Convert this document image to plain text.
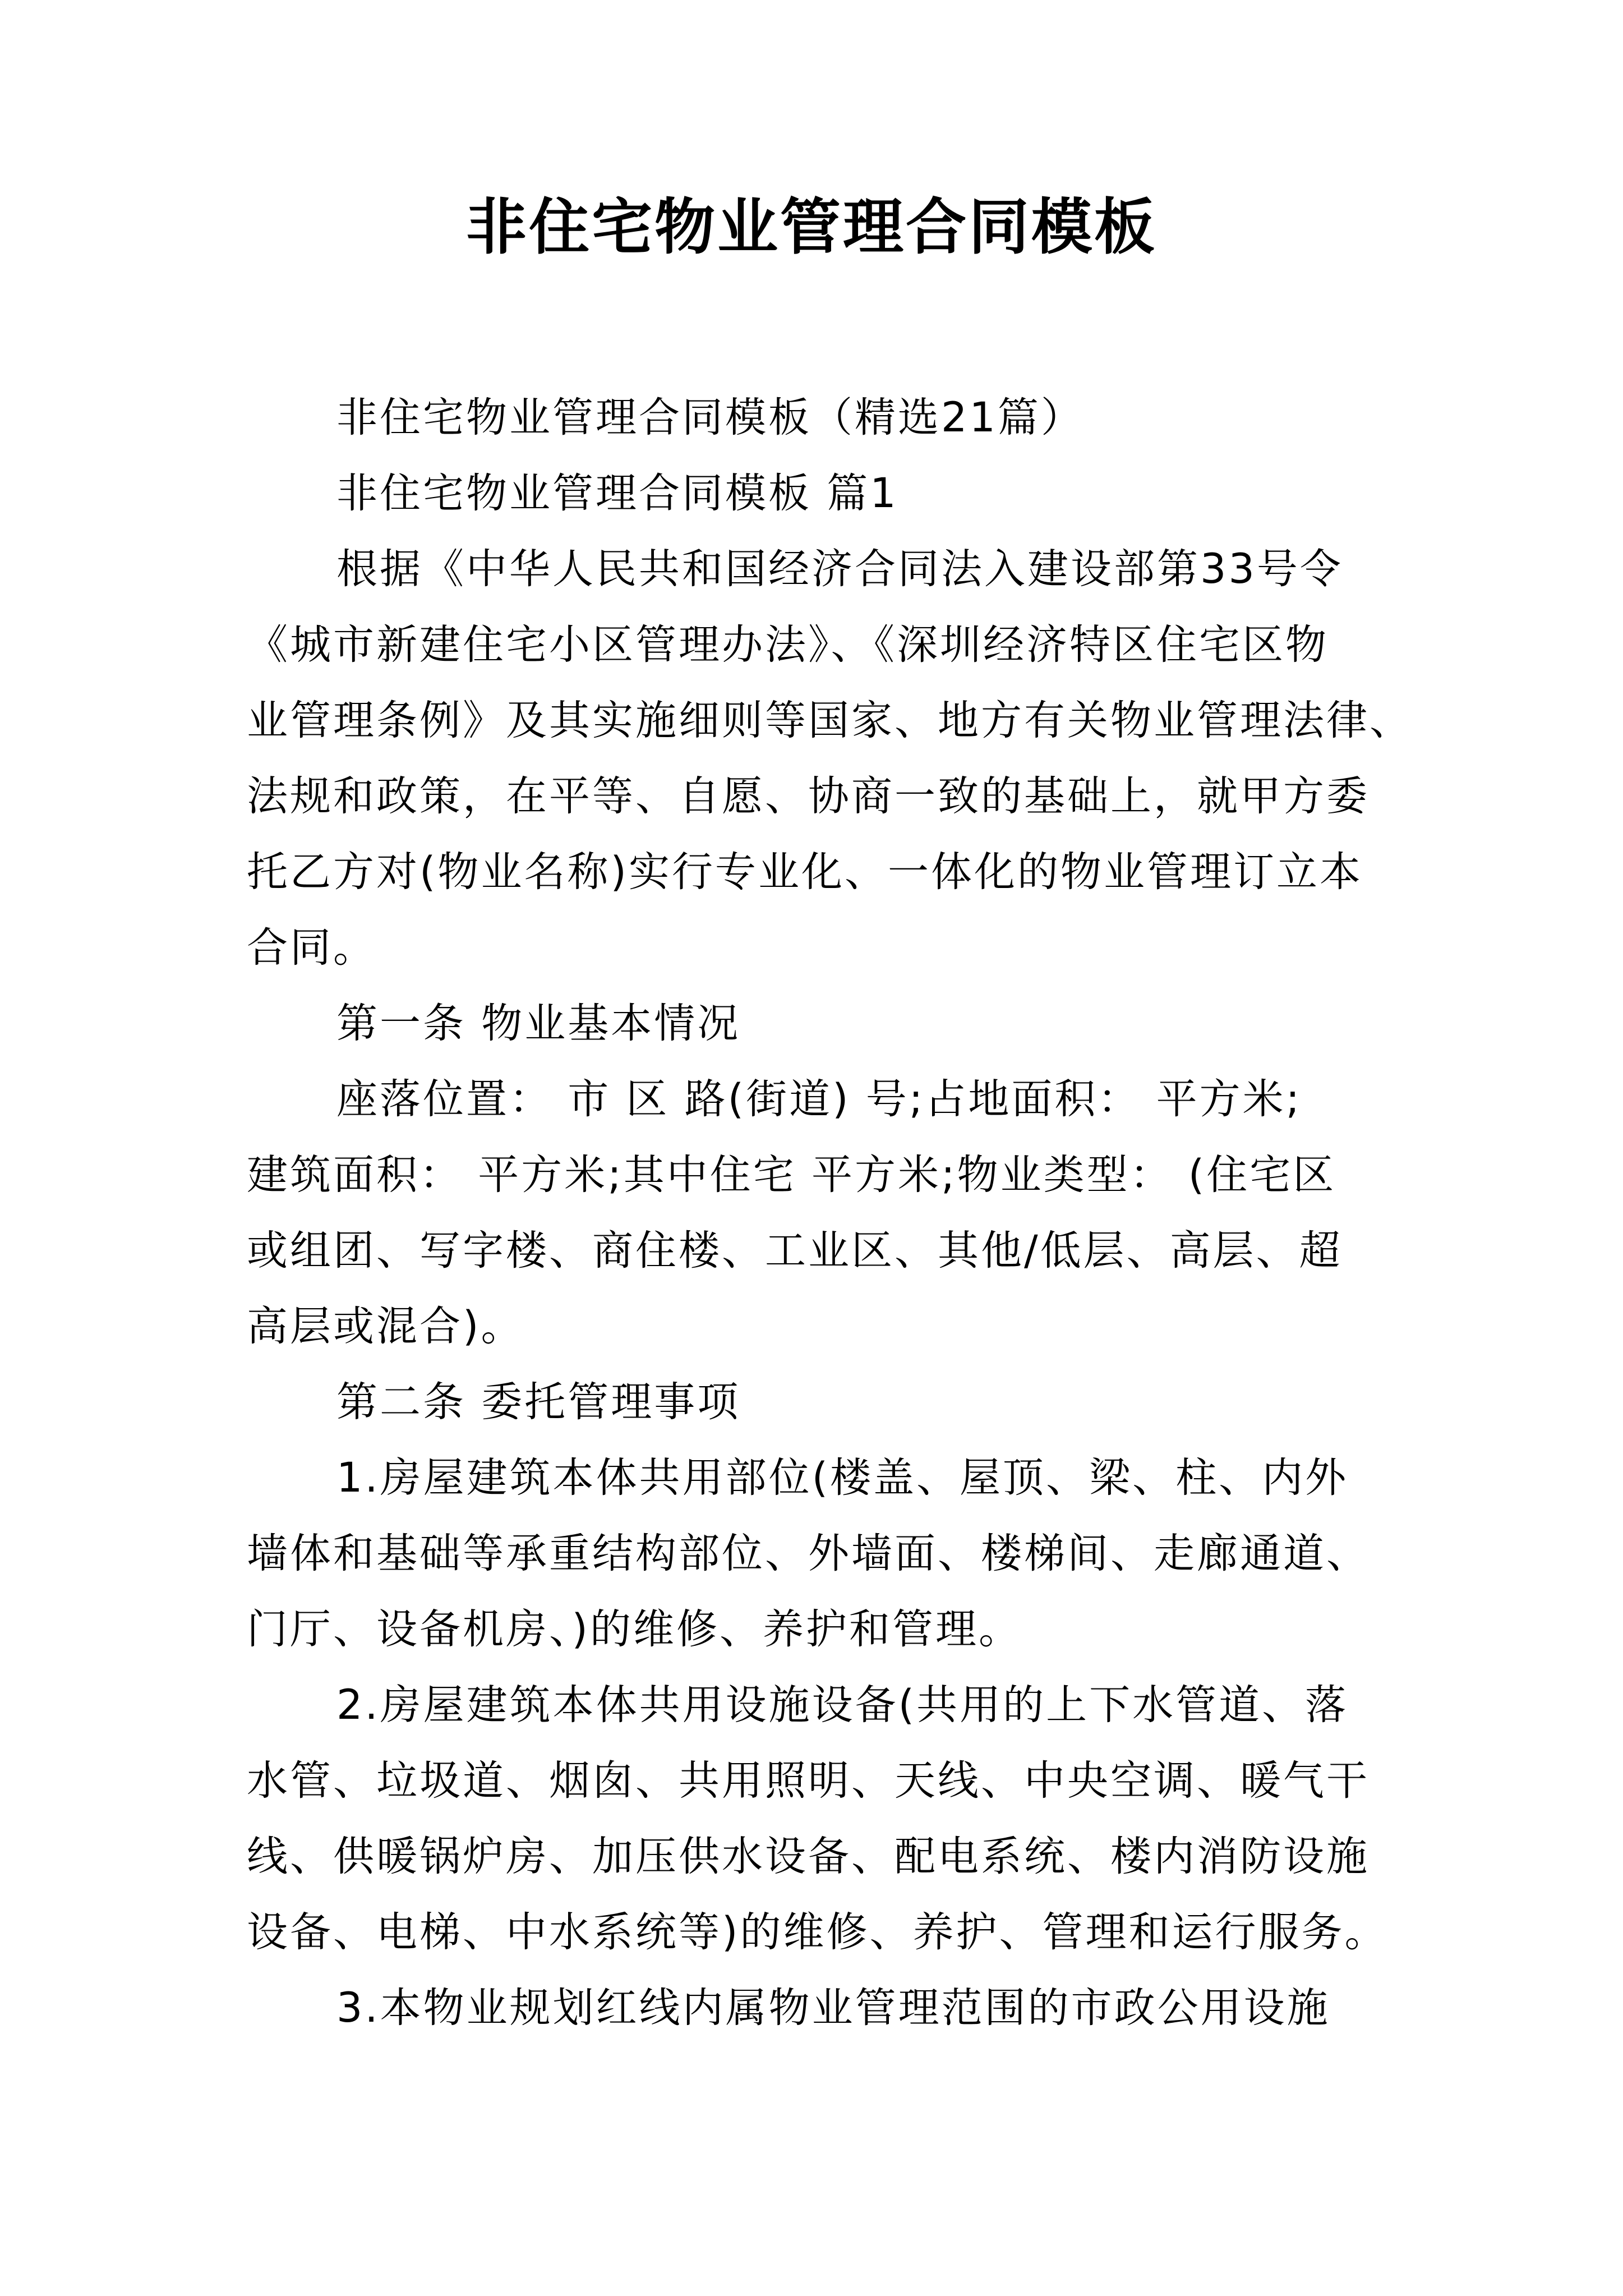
非住宅物业管理合同模板

非住宅物业管理合同模板（精选21篇）

非住宅物业管理合同模板 篇1

根据《中华人民共和国经济合同法入建设部第33号令

《城市新建住宅小区管理办法》、《深圳经济特区住宅区物

业管理条例》及其实施细则等国家、地方有关物业管理法律、

法规和政策，在平等、自愿、协商一致的基础上，就甲方委

托乙方对(物业名称)实行专业化、一体化的物业管理订立本

合同。

第一条 物业基本情况

座落位置： 市 区 路(街道) 号;占地面积： 平方米;

建筑面积： 平方米;其中住宅 平方米;物业类型： (住宅区

或组团、写字楼、商住楼、工业区、其他/低层、高层、超

高层或混合)。

第二条 委托管理事项

1.房屋建筑本体共用部位(楼盖、屋顶、梁、柱、内外

墙体和基础等承重结构部位、外墙面、楼梯间、走廊通道、

门厅、设备机房、)的维修、养护和管理。

2.房屋建筑本体共用设施设备(共用的上下水管道、落

水管、垃圾道、烟囱、共用照明、天线、中央空调、暖气干

线、供暖锅炉房、加压供水设备、配电系统、楼内消防设施

设备、电梯、中水系统等)的维修、养护、管理和运行服务。

3.本物业规划红线内属物业管理范围的市政公用设施
